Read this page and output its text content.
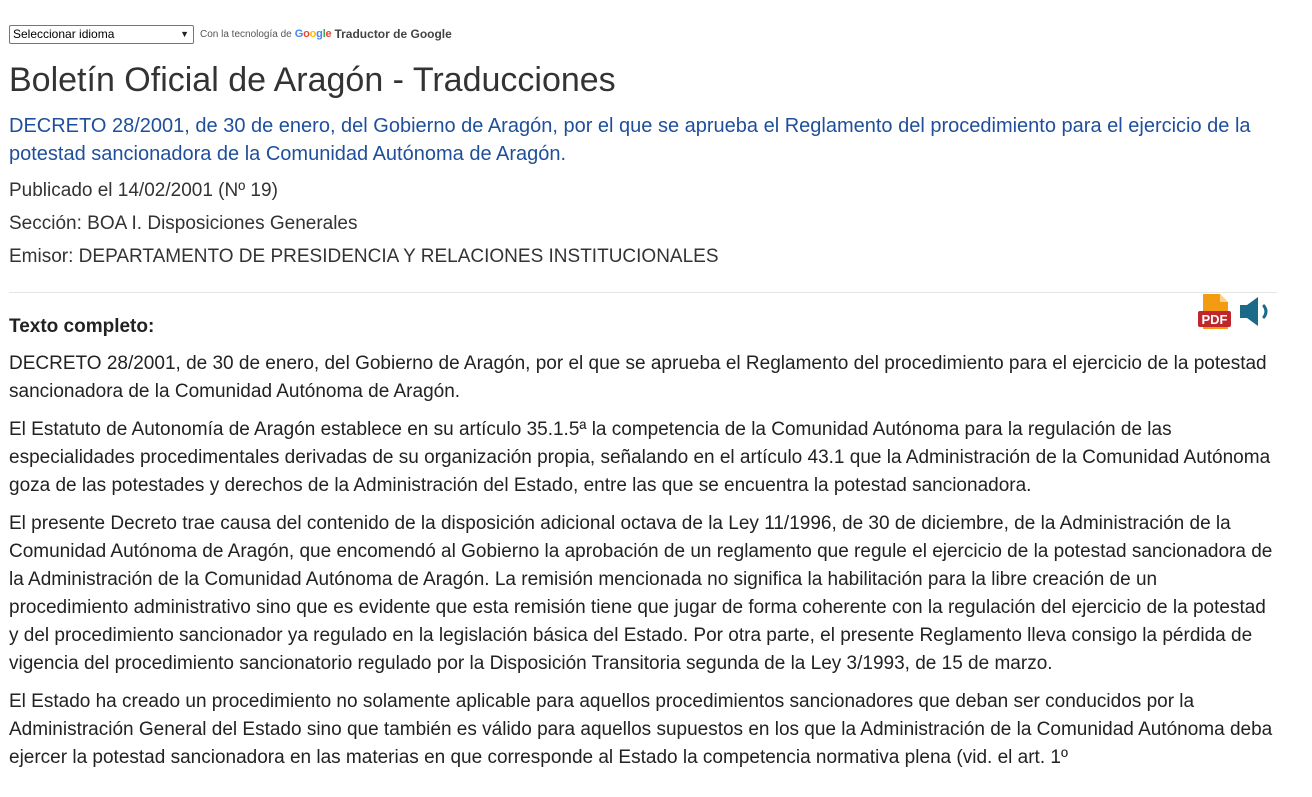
Seleccionar idioma	▼ Con la tecnología de Google Traductor de Google
Boletín Oficial de Aragón - Traducciones

DECRETO 28/2001, de 30 de enero, del Gobierno de Aragón, por el que se aprueba el Reglamento del procedimiento para el ejercicio de la potestad sancionadora de la Comunidad Autónoma de Aragón.

Publicado el 14/02/2001 (Nº 19)
Sección: BOA I. Disposiciones Generales
Emisor: DEPARTAMENTO DE PRESIDENCIA Y RELACIONES INSTITUCIONALES
PDF
Texto completo:

DECRETO 28/2001, de 30 de enero, del Gobierno de Aragón, por el que se aprueba el Reglamento del procedimiento para el ejercicio de la potestad sancionadora de la Comunidad Autónoma de Aragón.

El Estatuto de Autonomía de Aragón establece en su artículo 35.1.5ª la competencia de la Comunidad Autónoma para la regulación de las especialidades procedimentales derivadas de su organización propia, señalando en el artículo 43.1 que la Administración de la Comunidad Autónoma goza de las potestades y derechos de la Administración del Estado, entre las que se encuentra la potestad sancionadora.

El presente Decreto trae causa del contenido de la disposición adicional octava de la Ley 11/1996, de 30 de diciembre, de la Administración de la Comunidad Autónoma de Aragón, que encomendó al Gobierno la aprobación de un reglamento que regule el ejercicio de la potestad sancionadora de la Administración de la Comunidad Autónoma de Aragón. La remisión mencionada no significa la habilitación para la libre creación de un procedimiento administrativo sino que es evidente que esta remisión tiene que jugar de forma coherente con la regulación del ejercicio de la potestad y del procedimiento sancionador ya regulado en la legislación básica del Estado. Por otra parte, el presente Reglamento lleva consigo la pérdida de vigencia del procedimiento sancionatorio regulado por la Disposición Transitoria segunda de la Ley 3/1993, de 15 de marzo.

El Estado ha creado un procedimiento no solamente aplicable para aquellos procedimientos sancionadores que deban ser conducidos por la Administración General del Estado sino que también es válido para aquellos supuestos en los que la Administración de la Comunidad Autónoma deba ejercer la potestad sancionadora en las materias en que corresponde al Estado la competencia normativa plena (vid. el art. 1º
